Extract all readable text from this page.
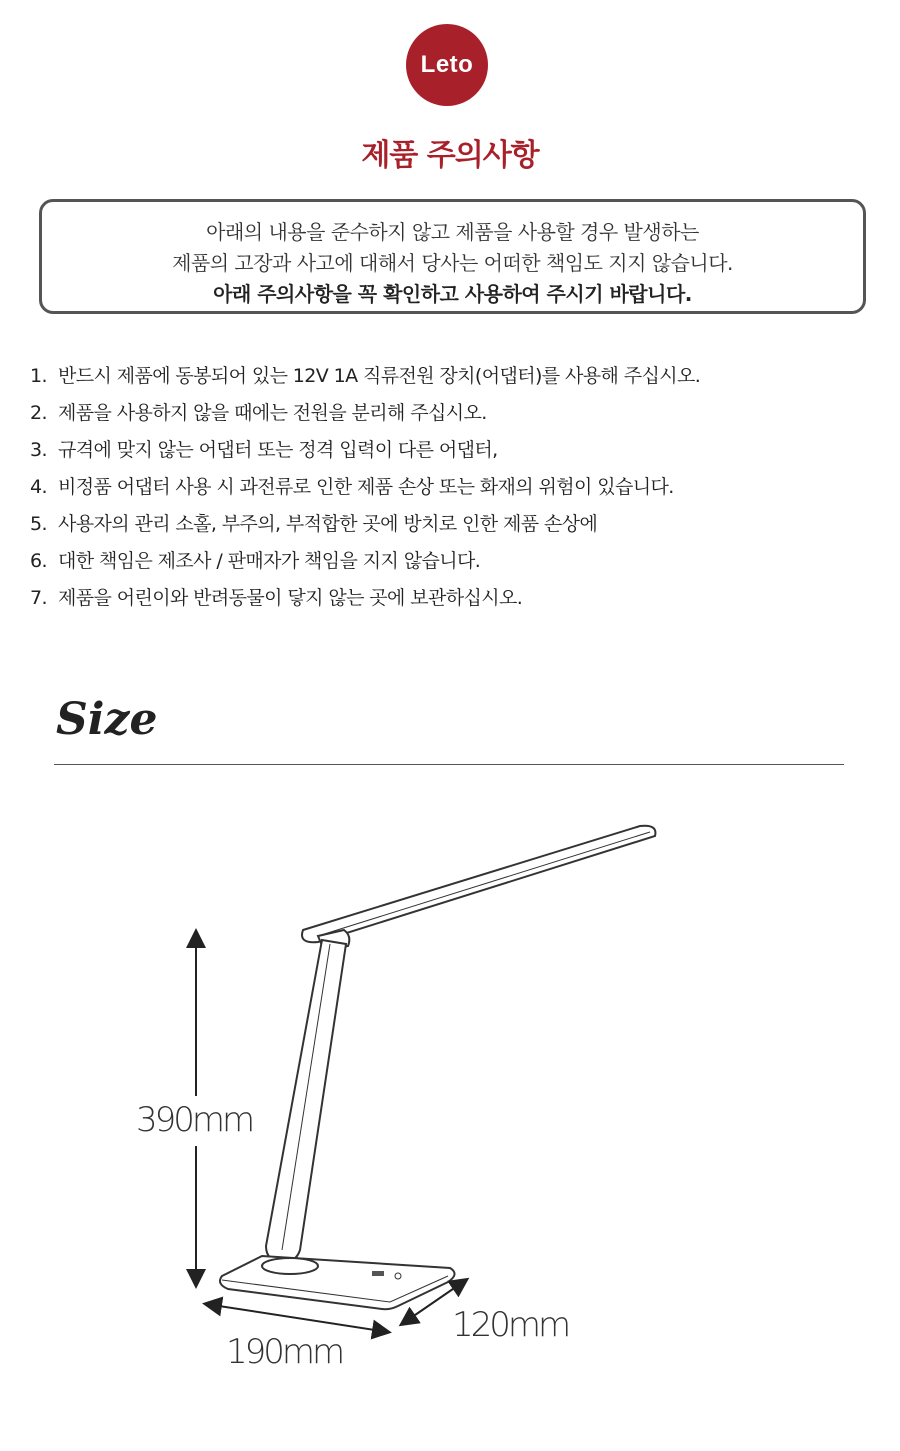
Leto
제품 주의사항

아래의 내용을 준수하지 않고 제품을 사용할 경우 발생하는

제품의 고장과 사고에 대해서 당사는 어떠한 책임도 지지 않습니다.

아래 주의사항을 꼭 확인하고 사용하여 주시기 바랍니다.

1. 반드시 제품에 동봉되어 있는 12V 1A 직류전원 장치(어댑터)를 사용해 주십시오.
2. 제품을 사용하지 않을 때에는 전원을 분리해 주십시오.
3. 규격에 맞지 않는 어댑터 또는 정격 입력이 다른 어댑터,
4. 비정품 어댑터 사용 시 과전류로 인한 제품 손상 또는 화재의 위험이 있습니다.
5. 사용자의 관리 소홀, 부주의, 부적합한 곳에 방치로 인한 제품 손상에
6. 대한 책임은 제조사 / 판매자가 책임을 지지 않습니다.
7. 제품을 어린이와 반려동물이 닿지 않는 곳에 보관하십시오.
Size
390mm
190mm
120mm
